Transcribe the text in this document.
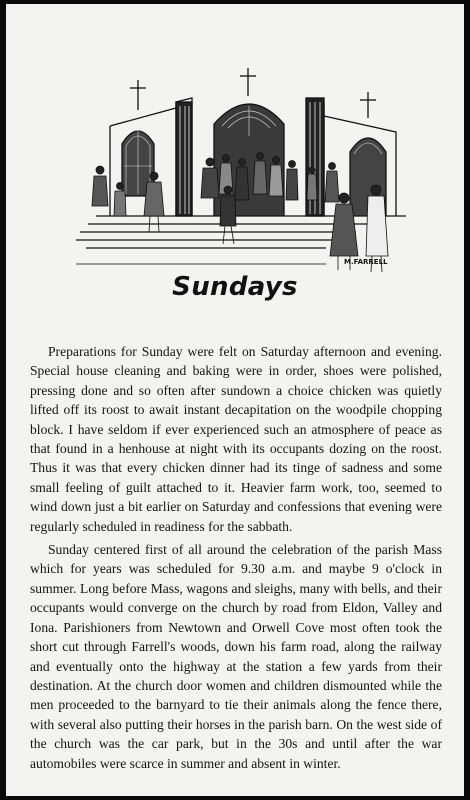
M.FARRELL
Sundays

Preparations for Sunday were felt on Saturday afternoon and evening. Special house cleaning and baking were in order, shoes were polished, pressing done and so often after sundown a choice chicken was quietly lifted off its roost to await instant decapitation on the woodpile chopping block. I have seldom if ever experienced such an atmosphere of peace as that found in a henhouse at night with its occupants dozing on the roost. Thus it was that every chicken dinner had its tinge of sadness and some small feeling of guilt attached to it. Heavier farm work, too, seemed to wind down just a bit earlier on Saturday and confessions that evening were regularly scheduled in readiness for the sabbath.

Sunday centered first of all around the celebration of the parish Mass which for years was scheduled for 9.30 a.m. and maybe 9 o'clock in summer. Long before Mass, wagons and sleighs, many with bells, and their occupants would converge on the church by road from Eldon, Valley and Iona. Parishioners from Newtown and Orwell Cove most often took the short cut through Farrell's woods, down his farm road, along the railway and eventually onto the highway at the station a few yards from their destination. At the church door women and children dismounted while the men proceeded to the barnyard to tie their animals along the fence there, with several also putting their horses in the parish barn. On the west side of the church was the car park, but in the 30s and until after the war automobiles were scarce in summer and absent in winter.
